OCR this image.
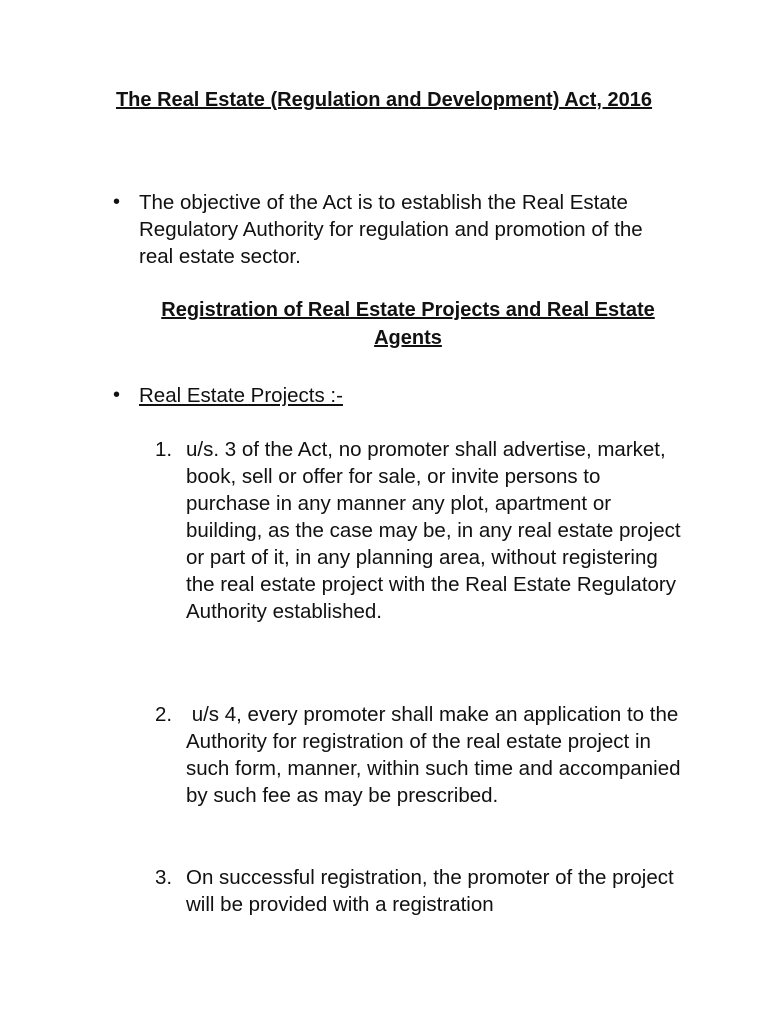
The Real Estate (Regulation and Development) Act, 2016
• The objective of the Act is to establish the Real Estate Regulatory Authority for regulation and promotion of the real estate sector.

Registration of Real Estate Projects and Real Estate Agents
• Real Estate Projects :-

1. u/s. 3 of the Act, no promoter shall advertise, market, book, sell or offer for sale, or invite persons to purchase in any manner any plot, apartment or building, as the case may be, in any real estate project or part of it, in any planning area, without registering the real estate project with the Real Estate Regulatory Authority established.

2. u/s 4, every promoter shall make an application to the Authority for registration of the real estate project in such form, manner, within such time and accompanied by such fee as may be prescribed.

3. On successful registration, the promoter of the project will be provided with a registration
